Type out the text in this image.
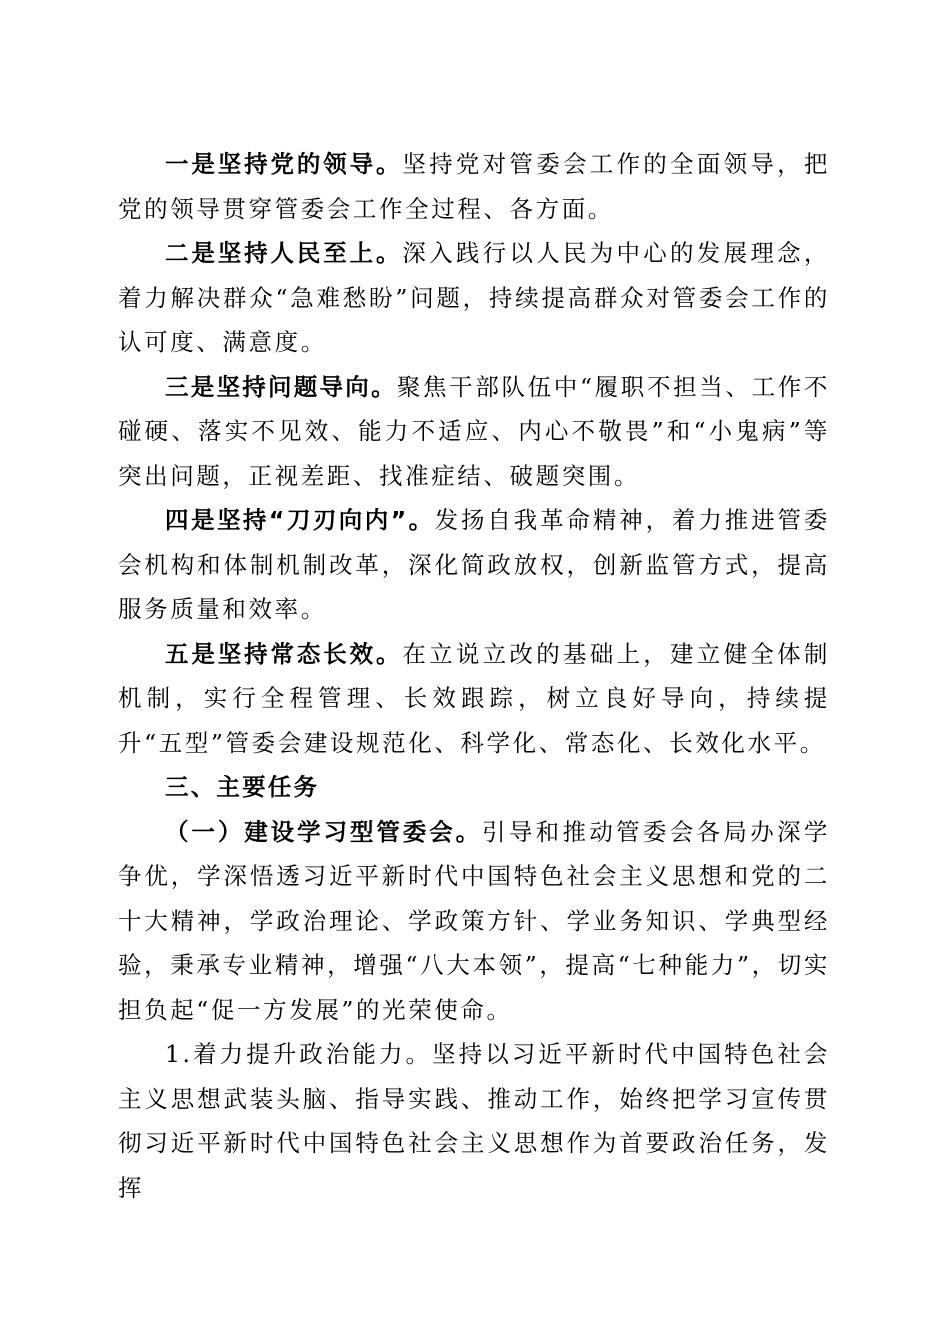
一是坚持党的领导。坚持党对管委会工作的全面领导，把党的领导贯穿管委会工作全过程、各方面。

二是坚持人民至上。深入践行以人民为中心的发展理念，着力解决群众“急难愁盼”问题，持续提高群众对管委会工作的认可度、满意度。

三是坚持问题导向。聚焦干部队伍中“履职不担当、工作不碰硬、落实不见效、能力不适应、内心不敬畏”和“小鬼病”等突出问题，正视差距、找准症结、破题突围。

四是坚持“刀刃向内”。发扬自我革命精神，着力推进管委会机构和体制机制改革，深化简政放权，创新监管方式，提高服务质量和效率。

五是坚持常态长效。在立说立改的基础上，建立健全体制机制，实行全程管理、长效跟踪，树立良好导向，持续提升“五型”管委会建设规范化、科学化、常态化、长效化水平。

三、主要任务

（一）建设学习型管委会。引导和推动管委会各局办深学争优，学深悟透习近平新时代中国特色社会主义思想和党的二十大精神，学政治理论、学政策方针、学业务知识、学典型经验，秉承专业精神，增强“八大本领”，提高“七种能力”，切实担负起“促一方发展”的光荣使命。

1.着力提升政治能力。坚持以习近平新时代中国特色社会主义思想武装头脑、指导实践、推动工作，始终把学习宣传贯彻习近平新时代中国特色社会主义思想作为首要政治任务，发挥
